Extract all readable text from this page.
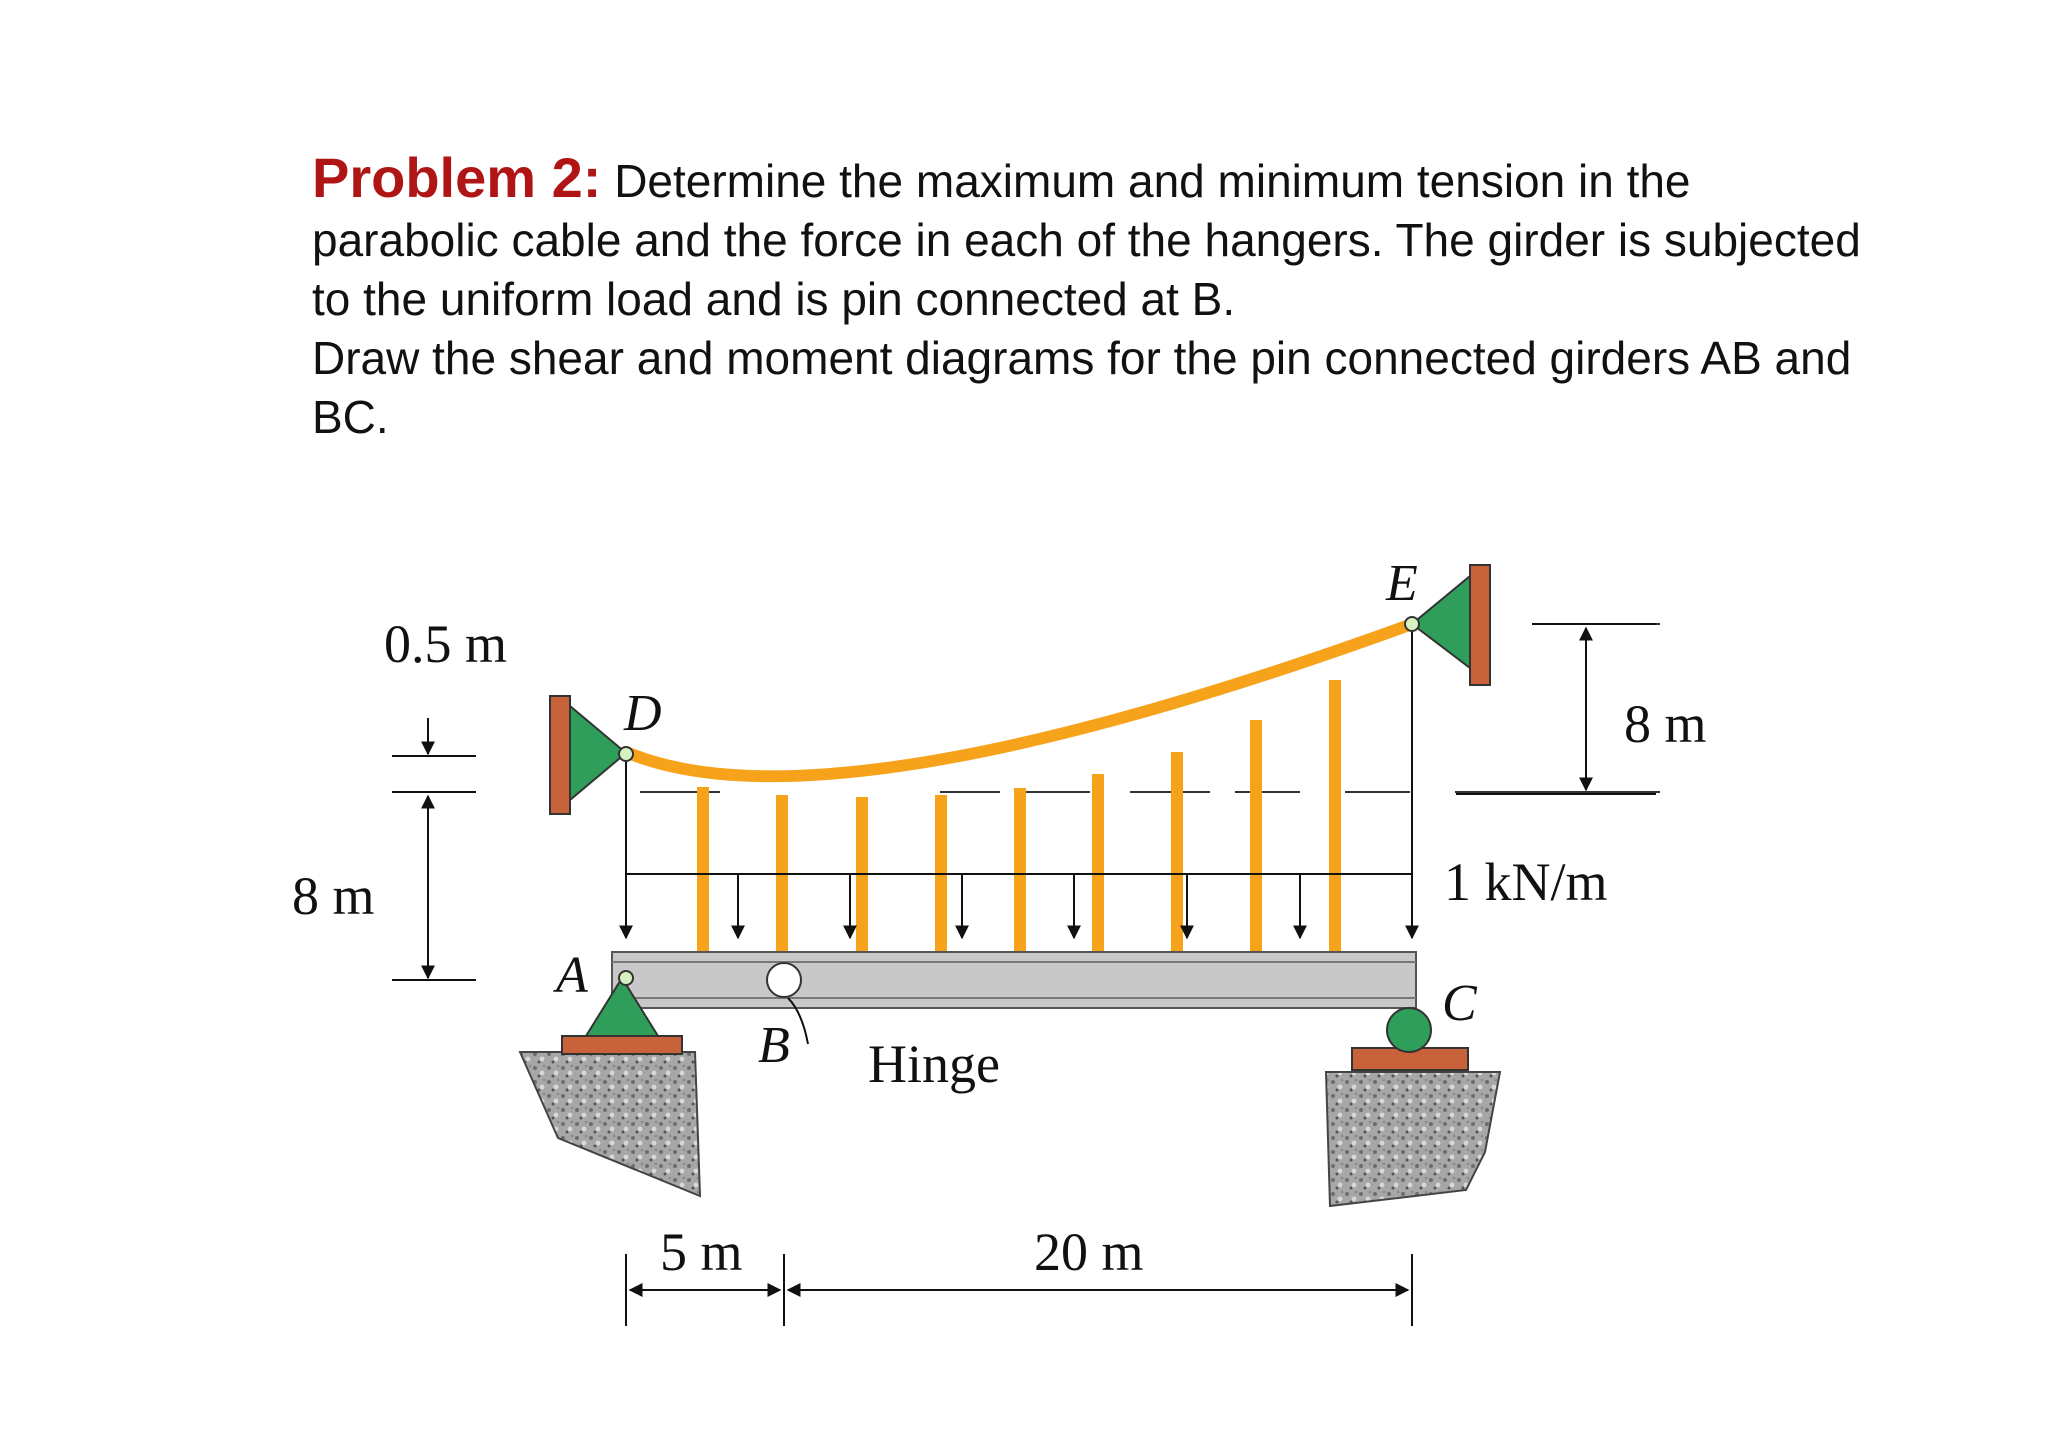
Problem 2: Determine the maximum and minimum tension in the parabolic cable and the force in each of the hangers. The girder is subjected to the uniform load and is pin connected at B.

Draw the shear and moment diagrams for the pin connected girders AB and BC.

D
E
A
B
C
Hinge
1 kN/m
0.5 m
8 m
8 m
5 m	20 m
